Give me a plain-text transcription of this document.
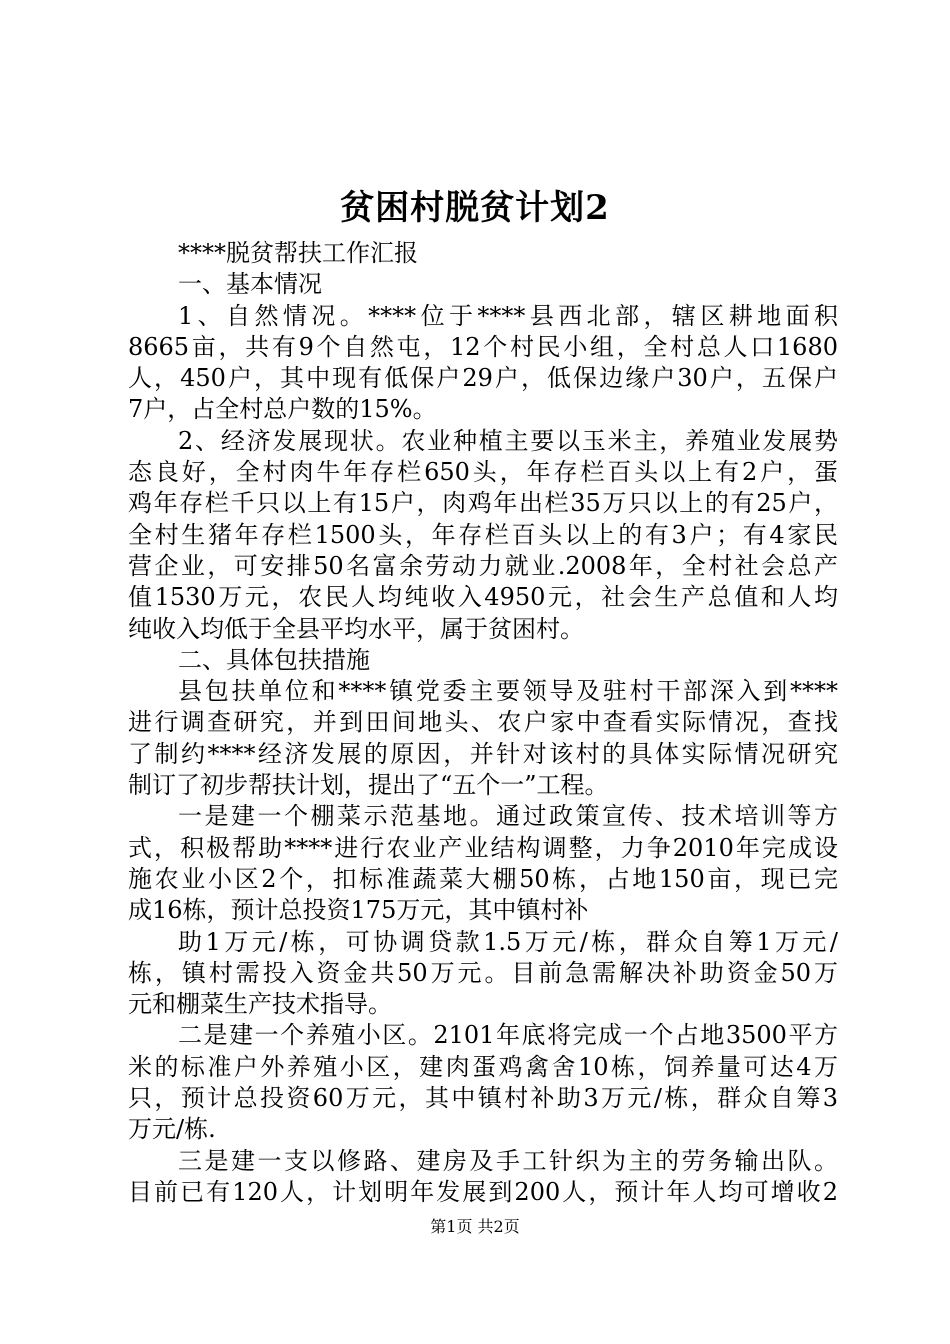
贫困村脱贫计划2
****脱贫帮扶工作汇报
一、基本情况
1、自然情况。****位于****县西北部，辖区耕地面积
8665亩，共有9个自然屯，12个村民小组，全村总人口1680
人，450户，其中现有低保户29户，低保边缘户30户，五保户
7户，占全村总户数的15%。
2、经济发展现状。农业种植主要以玉米主，养殖业发展势
态良好，全村肉牛年存栏650头，年存栏百头以上有2户，蛋
鸡年存栏千只以上有15户，肉鸡年出栏35万只以上的有25户，
全村生猪年存栏1500头，年存栏百头以上的有3户；有4家民
营企业，可安排50名富余劳动力就业.2008年，全村社会总产
值1530万元，农民人均纯收入4950元，社会生产总值和人均
纯收入均低于全县平均水平，属于贫困村。
二、具体包扶措施
县包扶单位和****镇党委主要领导及驻村干部深入到****
进行调查研究，并到田间地头、农户家中查看实际情况，查找
了制约****经济发展的原因，并针对该村的具体实际情况研究
制订了初步帮扶计划，提出了“五个一”工程。
一是建一个棚菜示范基地。通过政策宣传、技术培训等方
式，积极帮助****进行农业产业结构调整，力争2010年完成设
施农业小区2个，扣标准蔬菜大棚50栋，占地150亩，现已完
成16栋，预计总投资175万元，其中镇村补
助1万元/栋，可协调贷款1.5万元/栋，群众自筹1万元/
栋，镇村需投入资金共50万元。目前急需解决补助资金50万
元和棚菜生产技术指导。
二是建一个养殖小区。2101年底将完成一个占地3500平方
米的标准户外养殖小区，建肉蛋鸡禽舍10栋，饲养量可达4万
只，预计总投资60万元，其中镇村补助3万元/栋，群众自筹3
万元/栋.
三是建一支以修路、建房及手工针织为主的劳务输出队。
目前已有120人，计划明年发展到200人，预计年人均可增收2
第1页 共2页
